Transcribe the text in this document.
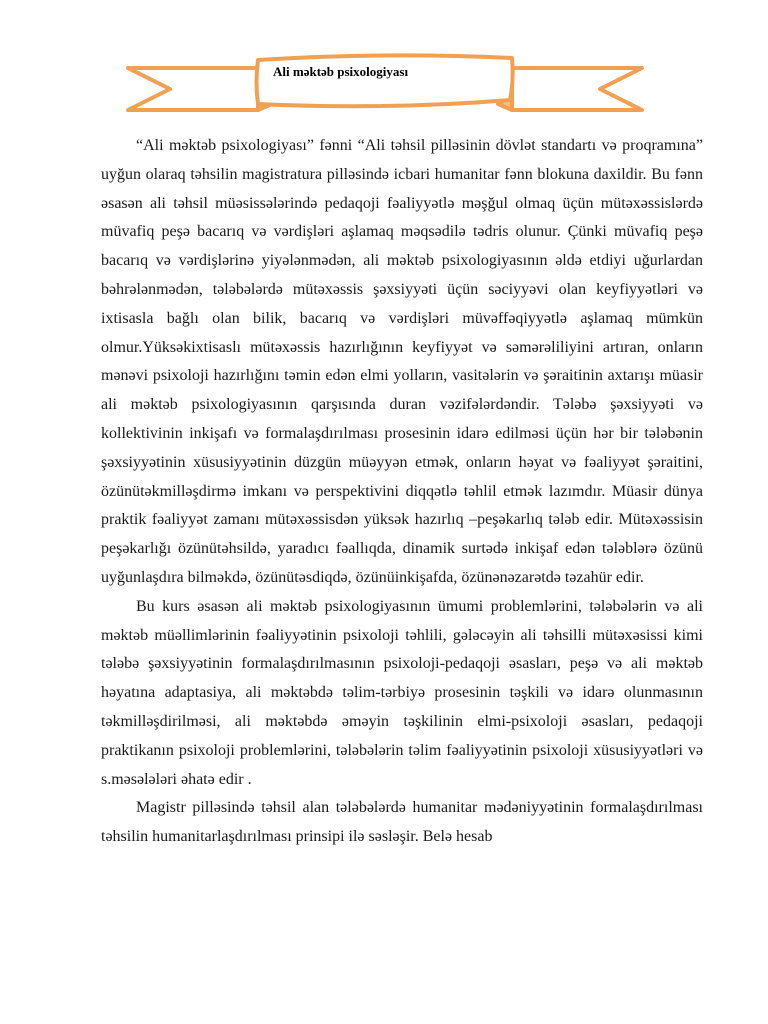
Ali məktəb psixologiyası

“Ali məktəb psixologiyası” fənni “Ali təhsil pilləsinin dövlət standartı və proqramına” uyğun olaraq təhsilin magistratura pilləsində icbari humanitar fənn blokuna daxildir. Bu fənn əsasən ali təhsil müəsissələrində pedaqoji fəaliyyətlə məşğul olmaq üçün mütəxəssislərdə müvafiq peşə bacarıq və vərdişləri aşlamaq məqsədilə tədris olunur. Çünki müvafiq peşə bacarıq və vərdişlərinə yiyələnmədən, ali məktəb psixologiyasının əldə etdiyi uğurlardan bəhrələnmədən, tələbələrdə mütəxəssis şəxsiyyəti üçün səciyyəvi olan keyfiyyətləri və ixtisasla bağlı olan bilik, bacarıq və vərdişləri müvəffəqiyyətlə aşlamaq mümkün olmur.Yüksəkixtisaslı mütəxəssis hazırlığının keyfiyyət və səmərəliliyini artıran, onların mənəvi psixoloji hazırlığını təmin edən elmi yolların, vasitələrin və şəraitinin axtarışı müasir ali məktəb psixologiyasının qarşısında duran vəzifələrdəndir. Tələbə şəxsiyyəti və kollektivinin inkişafı və formalaşdırılması prosesinin idarə edilməsi üçün hər bir tələbənin şəxsiyyətinin xüsusiyyətinin düzgün müəyyən etmək, onların həyat və fəaliyyət şəraitini, özünütəkmilləşdirmə imkanı və perspektivini diqqətlə təhlil etmək lazımdır. Müasir dünya praktik fəaliyyət zamanı mütəxəssisdən yüksək hazırlıq –peşəkarlıq tələb edir. Mütəxəssisin peşəkarlığı özünütəhsildə, yaradıcı fəallıqda, dinamik surtədə inkişaf edən tələblərə özünü uyğunlaşdıra bilməkdə, özünütəsdiqdə, özünüinkişafda, özünənəzarətdə təzahür edir.

Bu kurs əsasən ali məktəb psixologiyasının ümumi problemlərini, tələbələrin və ali məktəb müəllimlərinin fəaliyyətinin psixoloji təhlili, gələcəyin ali təhsilli mütəxəsissi kimi tələbə şəxsiyyətinin formalaşdırılmasının psixoloji-pedaqoji əsasları, peşə və ali məktəb həyatına adaptasiya, ali məktəbdə təlim-tərbiyə prosesinin təşkili və idarə olunmasının təkmilləşdirilməsi, ali məktəbdə əməyin təşkilinin elmi-psixoloji əsasları, pedaqoji praktikanın psixoloji problemlərini, tələbələrin təlim fəaliyyətinin psixoloji xüsusiyyətləri və s.məsələləri əhatə edir .

Magistr pilləsində təhsil alan tələbələrdə humanitar mədəniyyətinin formalaşdırılması təhsilin humanitarlaşdırılması prinsipi ilə səsləşir. Belə hesab
